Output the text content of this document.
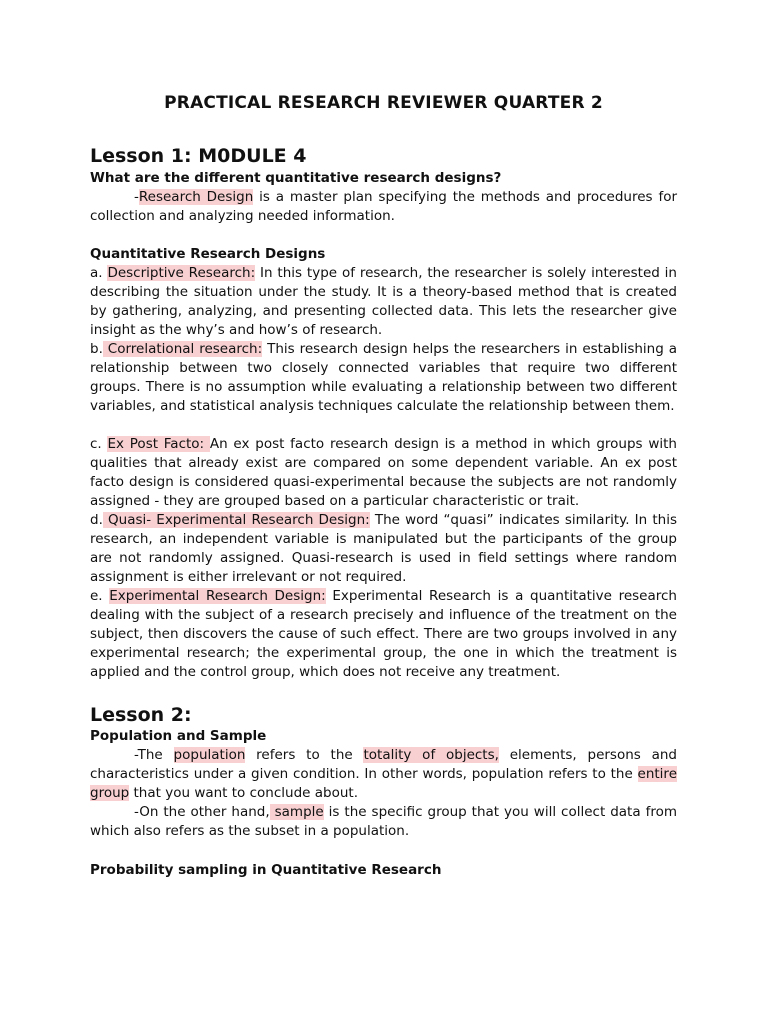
PRACTICAL RESEARCH REVIEWER QUARTER 2
Lesson 1: M0DULE 4
What are the different quantitative research designs?
-Research Design is a master plan specifying the methods and procedures for collection and analyzing needed information.
Quantitative Research Designs
a. Descriptive Research: In this type of research, the researcher is solely interested in describing the situation under the study. It is a theory-based method that is created by gathering, analyzing, and presenting collected data. This lets the researcher give insight as the why’s and how’s of research.
b. Correlational research: This research design helps the researchers in establishing a relationship between two closely connected variables that require two different groups. There is no assumption while evaluating a relationship between two different variables, and statistical analysis techniques calculate the relationship between them.
c. Ex Post Facto: An ex post facto research design is a method in which groups with qualities that already exist are compared on some dependent variable. An ex post facto design is considered quasi-experimental because the subjects are not randomly assigned - they are grouped based on a particular characteristic or trait.
d. Quasi- Experimental Research Design: The word “quasi” indicates similarity. In this research, an independent variable is manipulated but the participants of the group are not randomly assigned. Quasi-research is used in field settings where random assignment is either irrelevant or not required.
e. Experimental Research Design: Experimental Research is a quantitative research dealing with the subject of a research precisely and influence of the treatment on the subject, then discovers the cause of such effect. There are two groups involved in any experimental research; the experimental group, the one in which the treatment is applied and the control group, which does not receive any treatment.
Lesson 2:
Population and Sample
-The population refers to the totality of objects, elements, persons and characteristics under a given condition. In other words, population refers to the entire group that you want to conclude about.
-On the other hand, sample is the specific group that you will collect data from which also refers as the subset in a population.
Probability sampling in Quantitative Research
